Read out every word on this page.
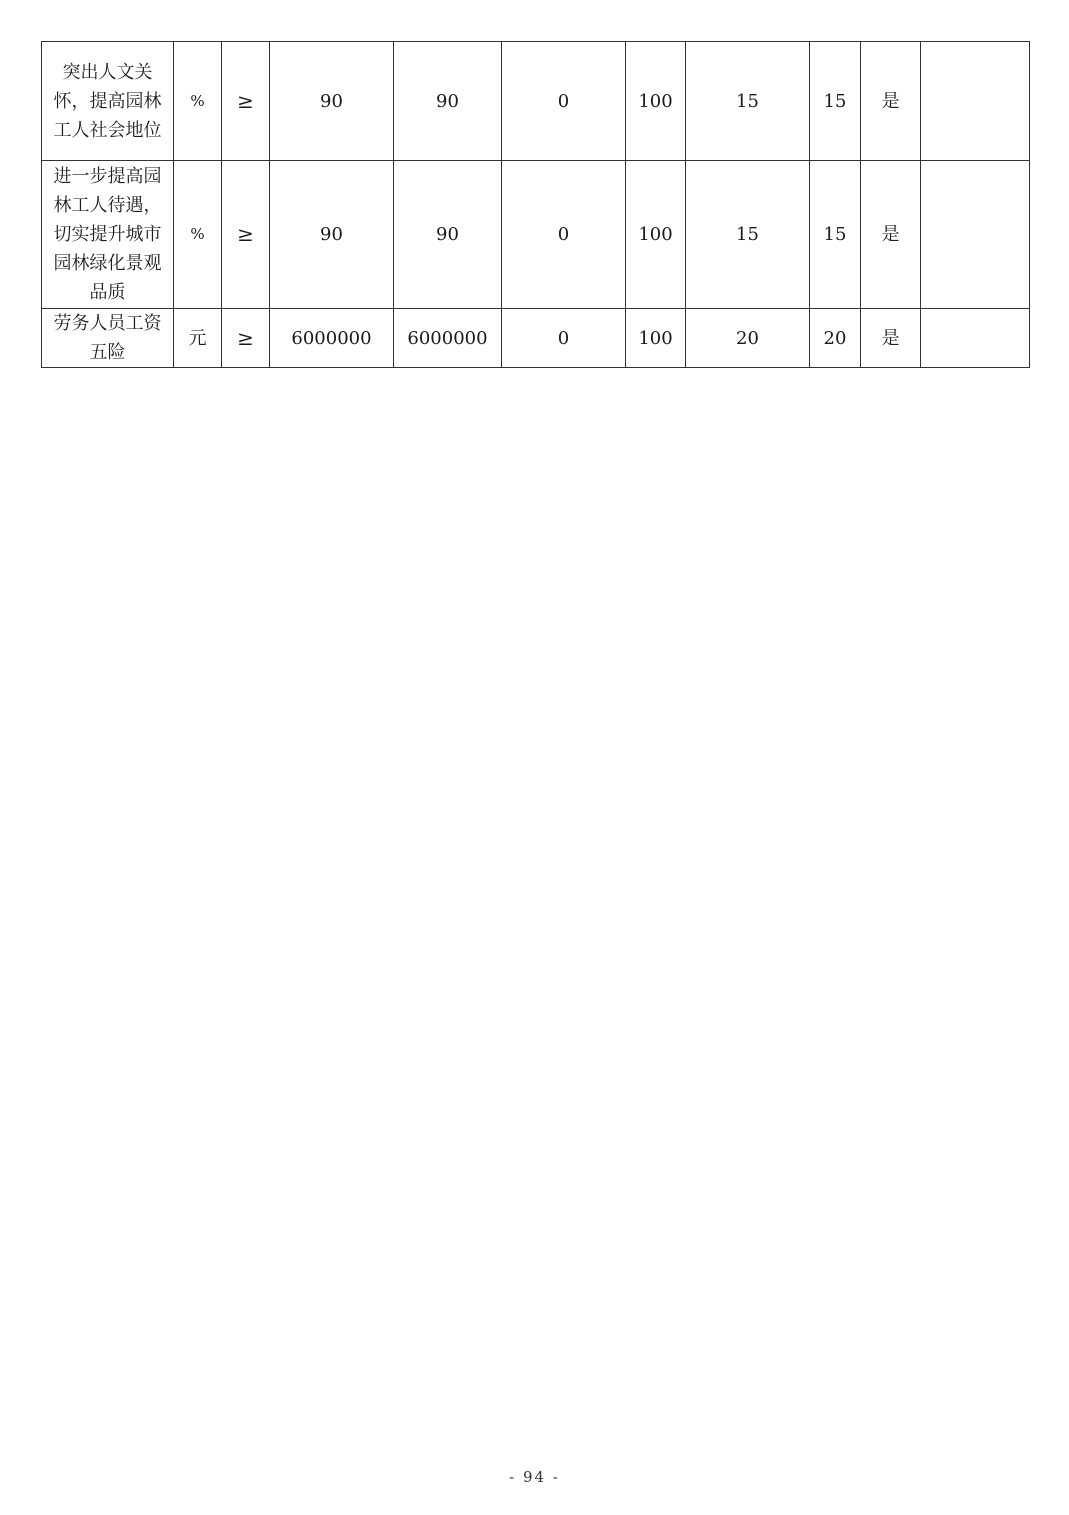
突出人文关怀，提高园林工人社会地位	%	≥	90	90	0	100	15	15	是	
进一步提高园林工人待遇，切实提升城市园林绿化景观品质	%	≥	90	90	0	100	15	15	是	
劳务人员工资五险	元	≥	6000000	6000000	0	100	20	20	是	
- 94 -
